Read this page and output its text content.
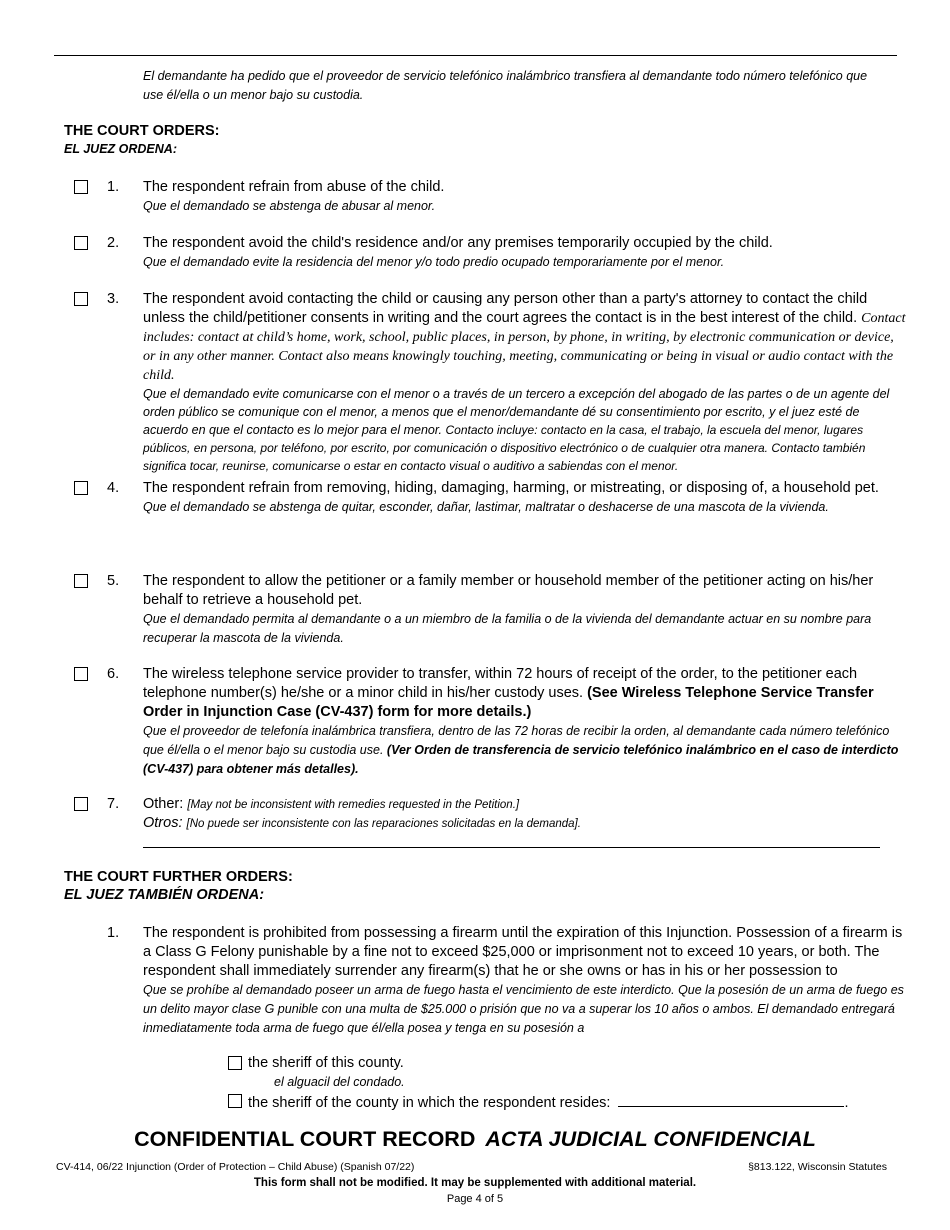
El demandante ha pedido que el proveedor de servicio telefónico inalámbrico transfiera al demandante todo número telefónico que use él/ella o un menor bajo su custodia.
THE COURT ORDERS:
EL JUEZ ORDENA:
1. The respondent refrain from abuse of the child.
Que el demandado se abstenga de abusar al menor.
2. The respondent avoid the child's residence and/or any premises temporarily occupied by the child.
Que el demandado evite la residencia del menor y/o todo predio ocupado temporariamente por el menor.
3. The respondent avoid contacting the child or causing any person other than a party's attorney to contact the child unless the child/petitioner consents in writing and the court agrees the contact is in the best interest of the child. Contact includes: contact at child’s home, work, school, public places, in person, by phone, in writing, by electronic communication or device, or in any other manner. Contact also means knowingly touching, meeting, communicating or being in visual or audio contact with the child.
Que el demandado evite comunicarse con el menor o a través de un tercero a excepción del abogado de las partes o de un agente del orden público se comunique con el menor, a menos que el menor/demandante dé su consentimiento por escrito, y el juez esté de acuerdo en que el contacto es lo mejor para el menor. Contacto incluye: contacto en la casa, el trabajo, la escuela del menor, lugares públicos, en persona, por teléfono, por escrito, por comunicación o dispositivo electrónico o de cualquier otra manera. Contacto también significa tocar, reunirse, comunicarse o estar en contacto visual o auditivo a sabiendas con el menor.
4. The respondent refrain from removing, hiding, damaging, harming, or mistreating, or disposing of, a household pet.
Que el demandado se abstenga de quitar, esconder, dañar, lastimar, maltratar o deshacerse de una mascota de la vivienda.
5. The respondent to allow the petitioner or a family member or household member of the petitioner acting on his/her behalf to retrieve a household pet.
Que el demandado permita al demandante o a un miembro de la familia o de la vivienda del demandante actuar en su nombre para recuperar la mascota de la vivienda.
6. The wireless telephone service provider to transfer, within 72 hours of receipt of the order, to the petitioner each telephone number(s) he/she or a minor child in his/her custody uses. (See Wireless Telephone Service Transfer Order in Injunction Case (CV-437) form for more details.)
Que el proveedor de telefonía inalámbrica transfiera, dentro de las 72 horas de recibir la orden, al demandante cada número telefónico que él/ella o el menor bajo su custodia use. (Ver Orden de transferencia de servicio telefónico inalámbrico en el caso de interdicto (CV-437) para obtener más detalles).
7. Other: [May not be inconsistent with remedies requested in the Petition.]
Otros: [No puede ser inconsistente con las reparaciones solicitadas en la demanda].
THE COURT FURTHER ORDERS:
EL JUEZ TAMBIÉN ORDENA:
1. The respondent is prohibited from possessing a firearm until the expiration of this Injunction. Possession of a firearm is a Class G Felony punishable by a fine not to exceed $25,000 or imprisonment not to exceed 10 years, or both. The respondent shall immediately surrender any firearm(s) that he or she owns or has in his or her possession to
Que se prohíbe al demandado poseer un arma de fuego hasta el vencimiento de este interdicto. Que la posesión de un arma de fuego es un delito mayor clase G punible con una multa de $25.000 o prisión que no va a superar los 10 años o ambos. El demandado entregará inmediatamente toda arma de fuego que él/ella posea y tenga en su posesión a
the sheriff of this county.
el alguacil del condado.
the sheriff of the county in which the respondent resides:	.
CONFIDENTIAL COURT RECORD ACTA JUDICIAL CONFIDENCIAL
CV-414, 06/22 Injunction (Order of Protection – Child Abuse) (Spanish 07/22)	§813.122, Wisconsin Statutes
This form shall not be modified. It may be supplemented with additional material.
Page 4 of 5
